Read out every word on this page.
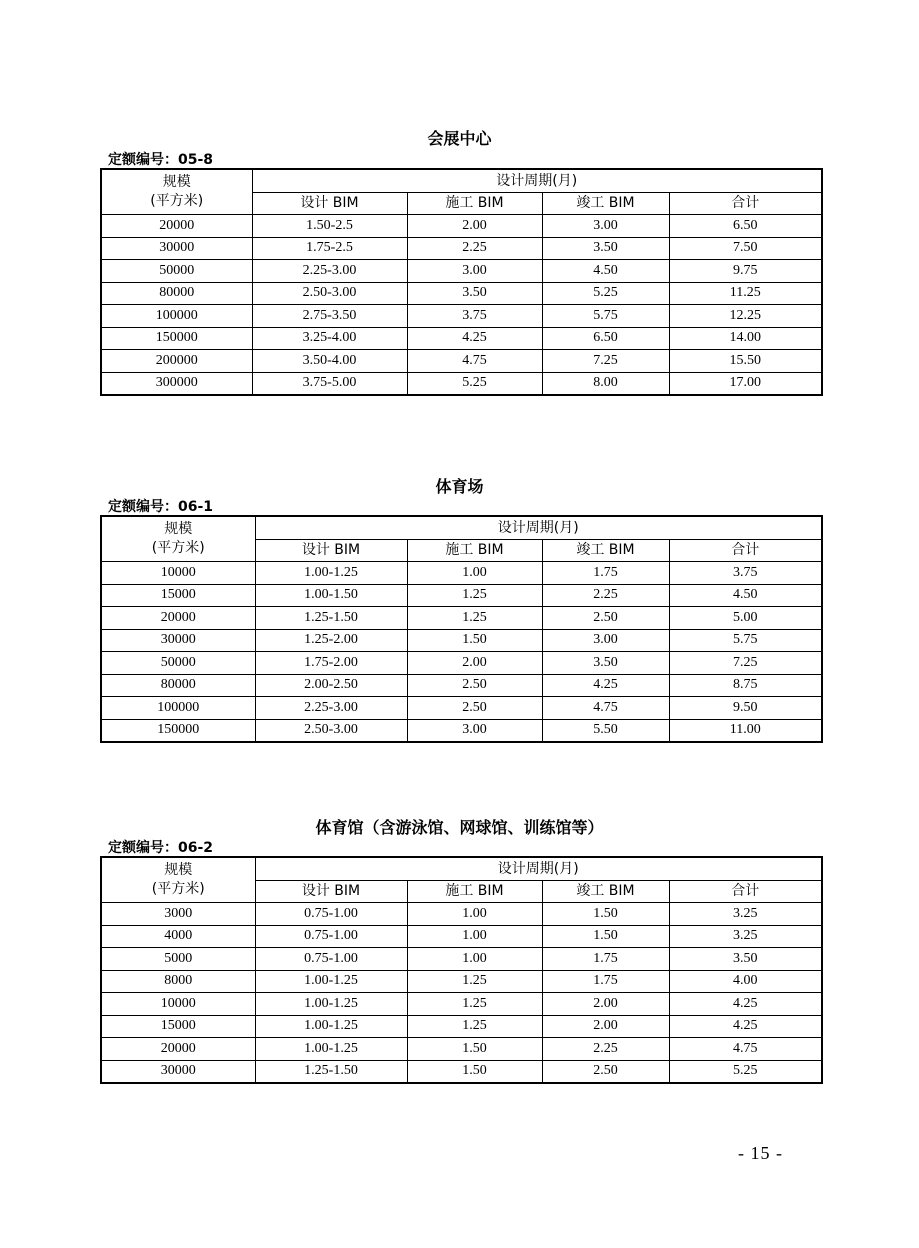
会展中心
定额编号：05-8
规模
(平方米)	设计周期(月)			
	设计 BIM	施工 BIM	竣工 BIM	合计
20000	1.50-2.5	2.00	3.00	6.50
30000	1.75-2.5	2.25	3.50	7.50
50000	2.25-3.00	3.00	4.50	9.75
80000	2.50-3.00	3.50	5.25	11.25
100000	2.75-3.50	3.75	5.75	12.25
150000	3.25-4.00	4.25	6.50	14.00
200000	3.50-4.00	4.75	7.25	15.50
300000	3.75-5.00	5.25	8.00	17.00
体育场
定额编号：06-1
规模
(平方米)	设计周期(月)			
	设计 BIM	施工 BIM	竣工 BIM	合计
10000	1.00-1.25	1.00	1.75	3.75
15000	1.00-1.50	1.25	2.25	4.50
20000	1.25-1.50	1.25	2.50	5.00
30000	1.25-2.00	1.50	3.00	5.75
50000	1.75-2.00	2.00	3.50	7.25
80000	2.00-2.50	2.50	4.25	8.75
100000	2.25-3.00	2.50	4.75	9.50
150000	2.50-3.00	3.00	5.50	11.00
体育馆（含游泳馆、网球馆、训练馆等）
定额编号：06-2
规模
(平方米)	设计周期(月)			
	设计 BIM	施工 BIM	竣工 BIM	合计
3000	0.75-1.00	1.00	1.50	3.25
4000	0.75-1.00	1.00	1.50	3.25
5000	0.75-1.00	1.00	1.75	3.50
8000	1.00-1.25	1.25	1.75	4.00
10000	1.00-1.25	1.25	2.00	4.25
15000	1.00-1.25	1.25	2.00	4.25
20000	1.00-1.25	1.50	2.25	4.75
30000	1.25-1.50	1.50	2.50	5.25
- 15 -
